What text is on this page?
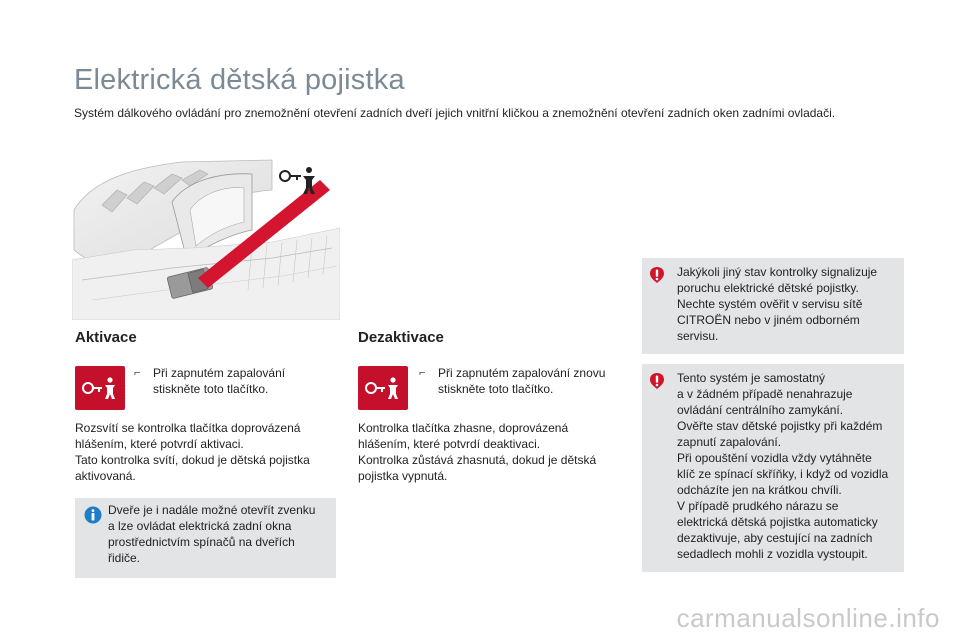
Elektrická dětská pojistka
Systém dálkového ovládání pro znemožnění otevření zadních dveří jejich vnitřní kličkou a znemožnění otevření zadních oken zadními ovladači.
Aktivace
⌐ Při zapnutém zapalování stiskněte toto tlačítko.
Rozsvítí se kontrolka tlačítka doprovázená
hlášením, které potvrdí aktivaci.
Tato kontrolka svítí, dokud je dětská pojistka
aktivovaná.
Dveře je i nadále možné otevřít zvenku
a lze ovládat elektrická zadní okna
prostřednictvím spínačů na dveřích
řidiče.
Dezaktivace
⌐ Při zapnutém zapalování znovu stiskněte toto tlačítko.
Kontrolka tlačítka zhasne, doprovázená
hlášením, které potvrdí deaktivaci.
Kontrolka zůstává zhasnutá, dokud je dětská
pojistka vypnutá.
Jakýkoli jiný stav kontrolky signalizuje
poruchu elektrické dětské pojistky.
Nechte systém ověřit v servisu sítě
CITROËN nebo v jiném odborném
servisu.
Tento systém je samostatný
a v žádném případě nenahrazuje
ovládání centrálního zamykání.
Ověřte stav dětské pojistky při každém
zapnutí zapalování.
Při opouštění vozidla vždy vytáhněte
klíč ze spínací skříňky, i když od vozidla
odcházíte jen na krátkou chvíli.
V případě prudkého nárazu se
elektrická dětská pojistka automaticky
dezaktivuje, aby cestující na zadních
sedadlech mohli z vozidla vystoupit.
carmanualsonline.info
